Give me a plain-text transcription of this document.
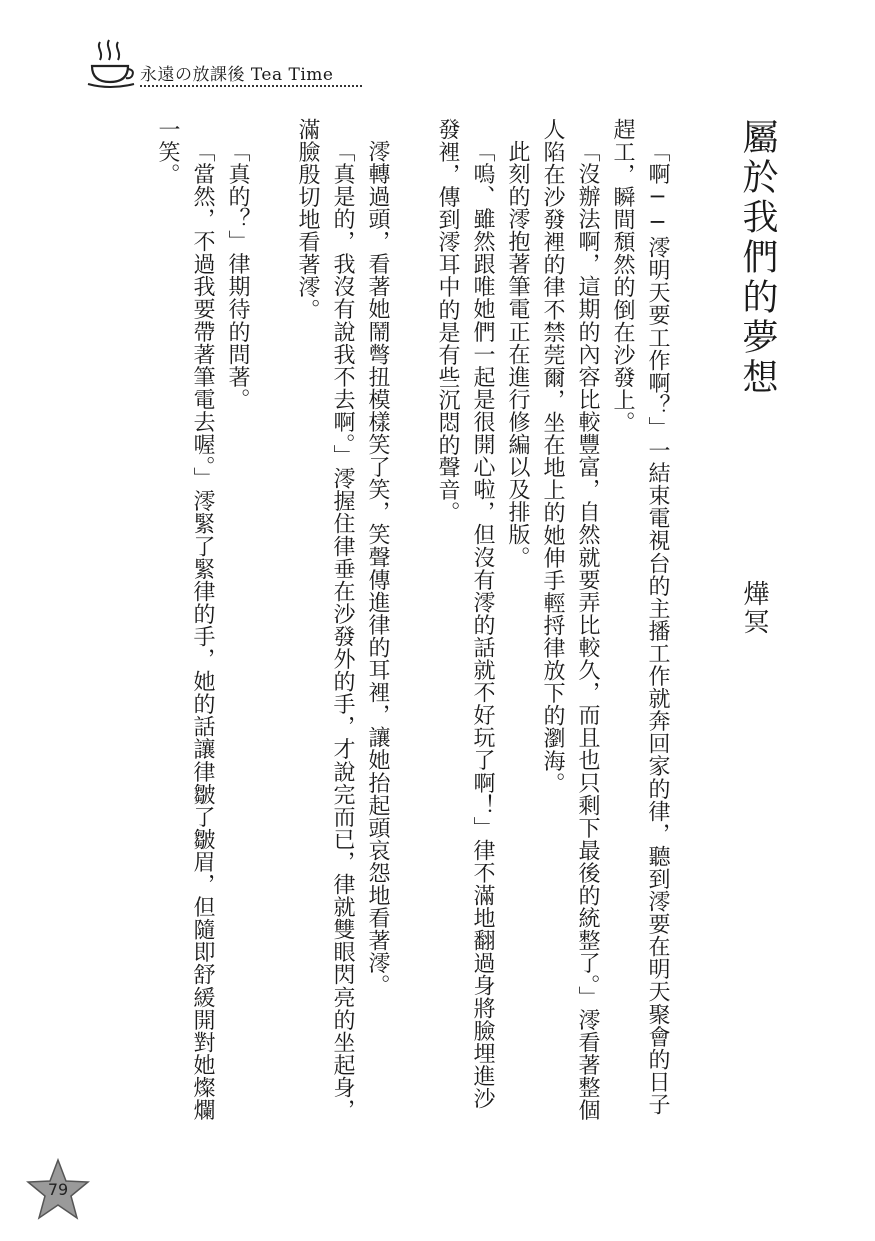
永遠の放課後 Tea Time
屬於我們的夢想
燁冥

「啊──澪明天要工作啊？」一結束電視台的主播工作就奔回家的律，聽到澪要在明天聚會的日子趕工，瞬間頹然的倒在沙發上。

「沒辦法啊，這期的內容比較豐富，自然就要弄比較久，而且也只剩下最後的統整了。」澪看著整個人陷在沙發裡的律不禁莞爾，坐在地上的她伸手輕捋律放下的瀏海。

此刻的澪抱著筆電正在進行修編以及排版。

「嗚、雖然跟唯她們一起是很開心啦，但沒有澪的話就不好玩了啊！」律不滿地翻過身將臉埋進沙發裡，傳到澪耳中的是有些沉悶的聲音。

澪轉過頭，看著她鬧彆扭模樣笑了笑，笑聲傳進律的耳裡，讓她抬起頭哀怨地看著澪。

「真是的，我沒有說我不去啊。」澪握住律垂在沙發外的手，才說完而已，律就雙眼閃亮的坐起身，滿臉殷切地看著澪。

「真的？」律期待的問著。

「當然，不過我要帶著筆電去喔。」澪緊了緊律的手，她的話讓律皺了皺眉，但隨即舒緩開對她燦爛一笑。

79
